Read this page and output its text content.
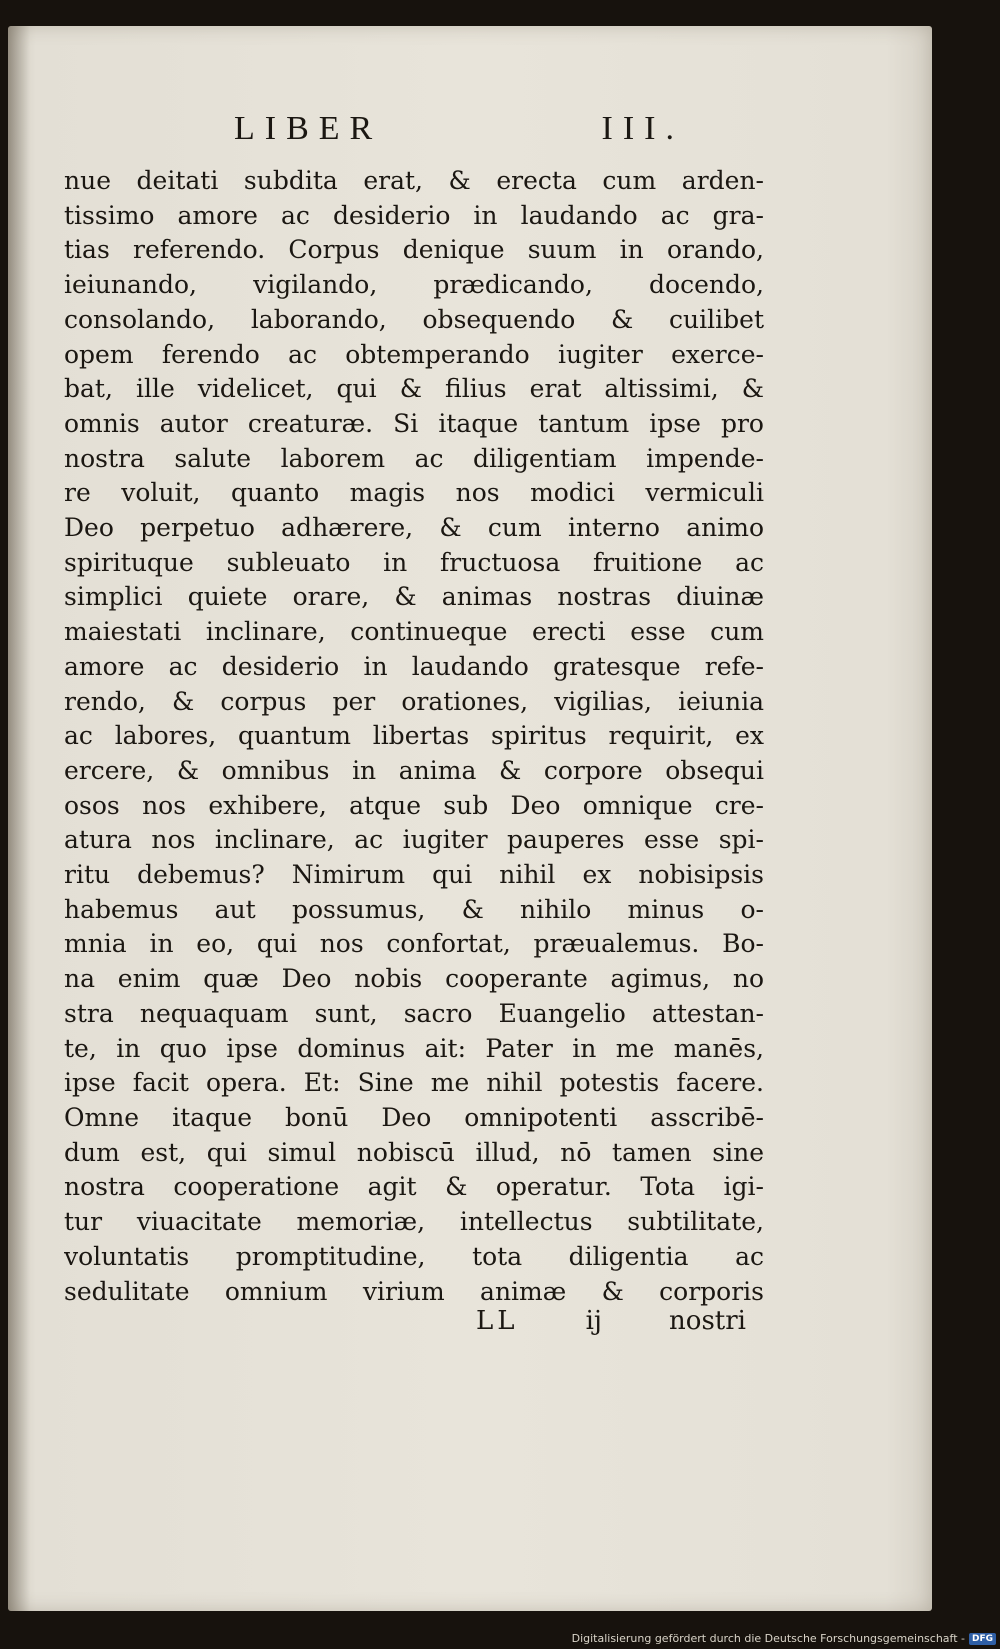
LIBER	III.
nue deitati subdita erat, & erecta cum arden-
tissimo amore ac desiderio in laudando ac gra-
tias referendo. Corpus denique suum in orando,
ieiunando, vigilando, prædicando, docendo,
consolando, laborando, obsequendo & cuilibet
opem ferendo ac obtemperando iugiter exerce-
bat, ille videlicet, qui & filius erat altissimi, &
omnis autor creaturæ. Si itaque tantum ipse pro
nostra salute laborem ac diligentiam impende-
re voluit, quanto magis nos modici vermiculi
Deo perpetuo adhærere, & cum interno animo
spirituque subleuato in fructuosa fruitione ac
simplici quiete orare, & animas nostras diuinæ
maiestati inclinare, continueque erecti esse cum
amore ac desiderio in laudando gratesque refe-
rendo, & corpus per orationes, vigilias, ieiunia
ac labores, quantum libertas spiritus requirit, ex
ercere, & omnibus in anima & corpore obsequi
osos nos exhibere, atque sub Deo omnique cre-
atura nos inclinare, ac iugiter pauperes esse spi-
ritu debemus? Nimirum qui nihil ex nobisipsis
habemus aut possumus, & nihilo minus o-
mnia in eo, qui nos confortat, præualemus. Bo-
na enim quæ Deo nobis cooperante agimus, no
stra nequaquam sunt, sacro Euangelio attestan-
te, in quo ipse dominus ait: Pater in me manēs,
ipse facit opera. Et: Sine me nihil potestis facere.
Omne itaque bonū Deo omnipotenti asscribē-
dum est, qui simul nobiscū illud, nō tamen sine
nostra cooperatione agit & operatur. Tota igi-
tur viuacitate memoriæ, intellectus subtilitate,
voluntatis promptitudine, tota diligentia ac
sedulitate omnium virium animæ & corporis
LL	ij	nostri
Digitalisierung gefördert durch die Deutsche Forschungsgemeinschaft - DFG
